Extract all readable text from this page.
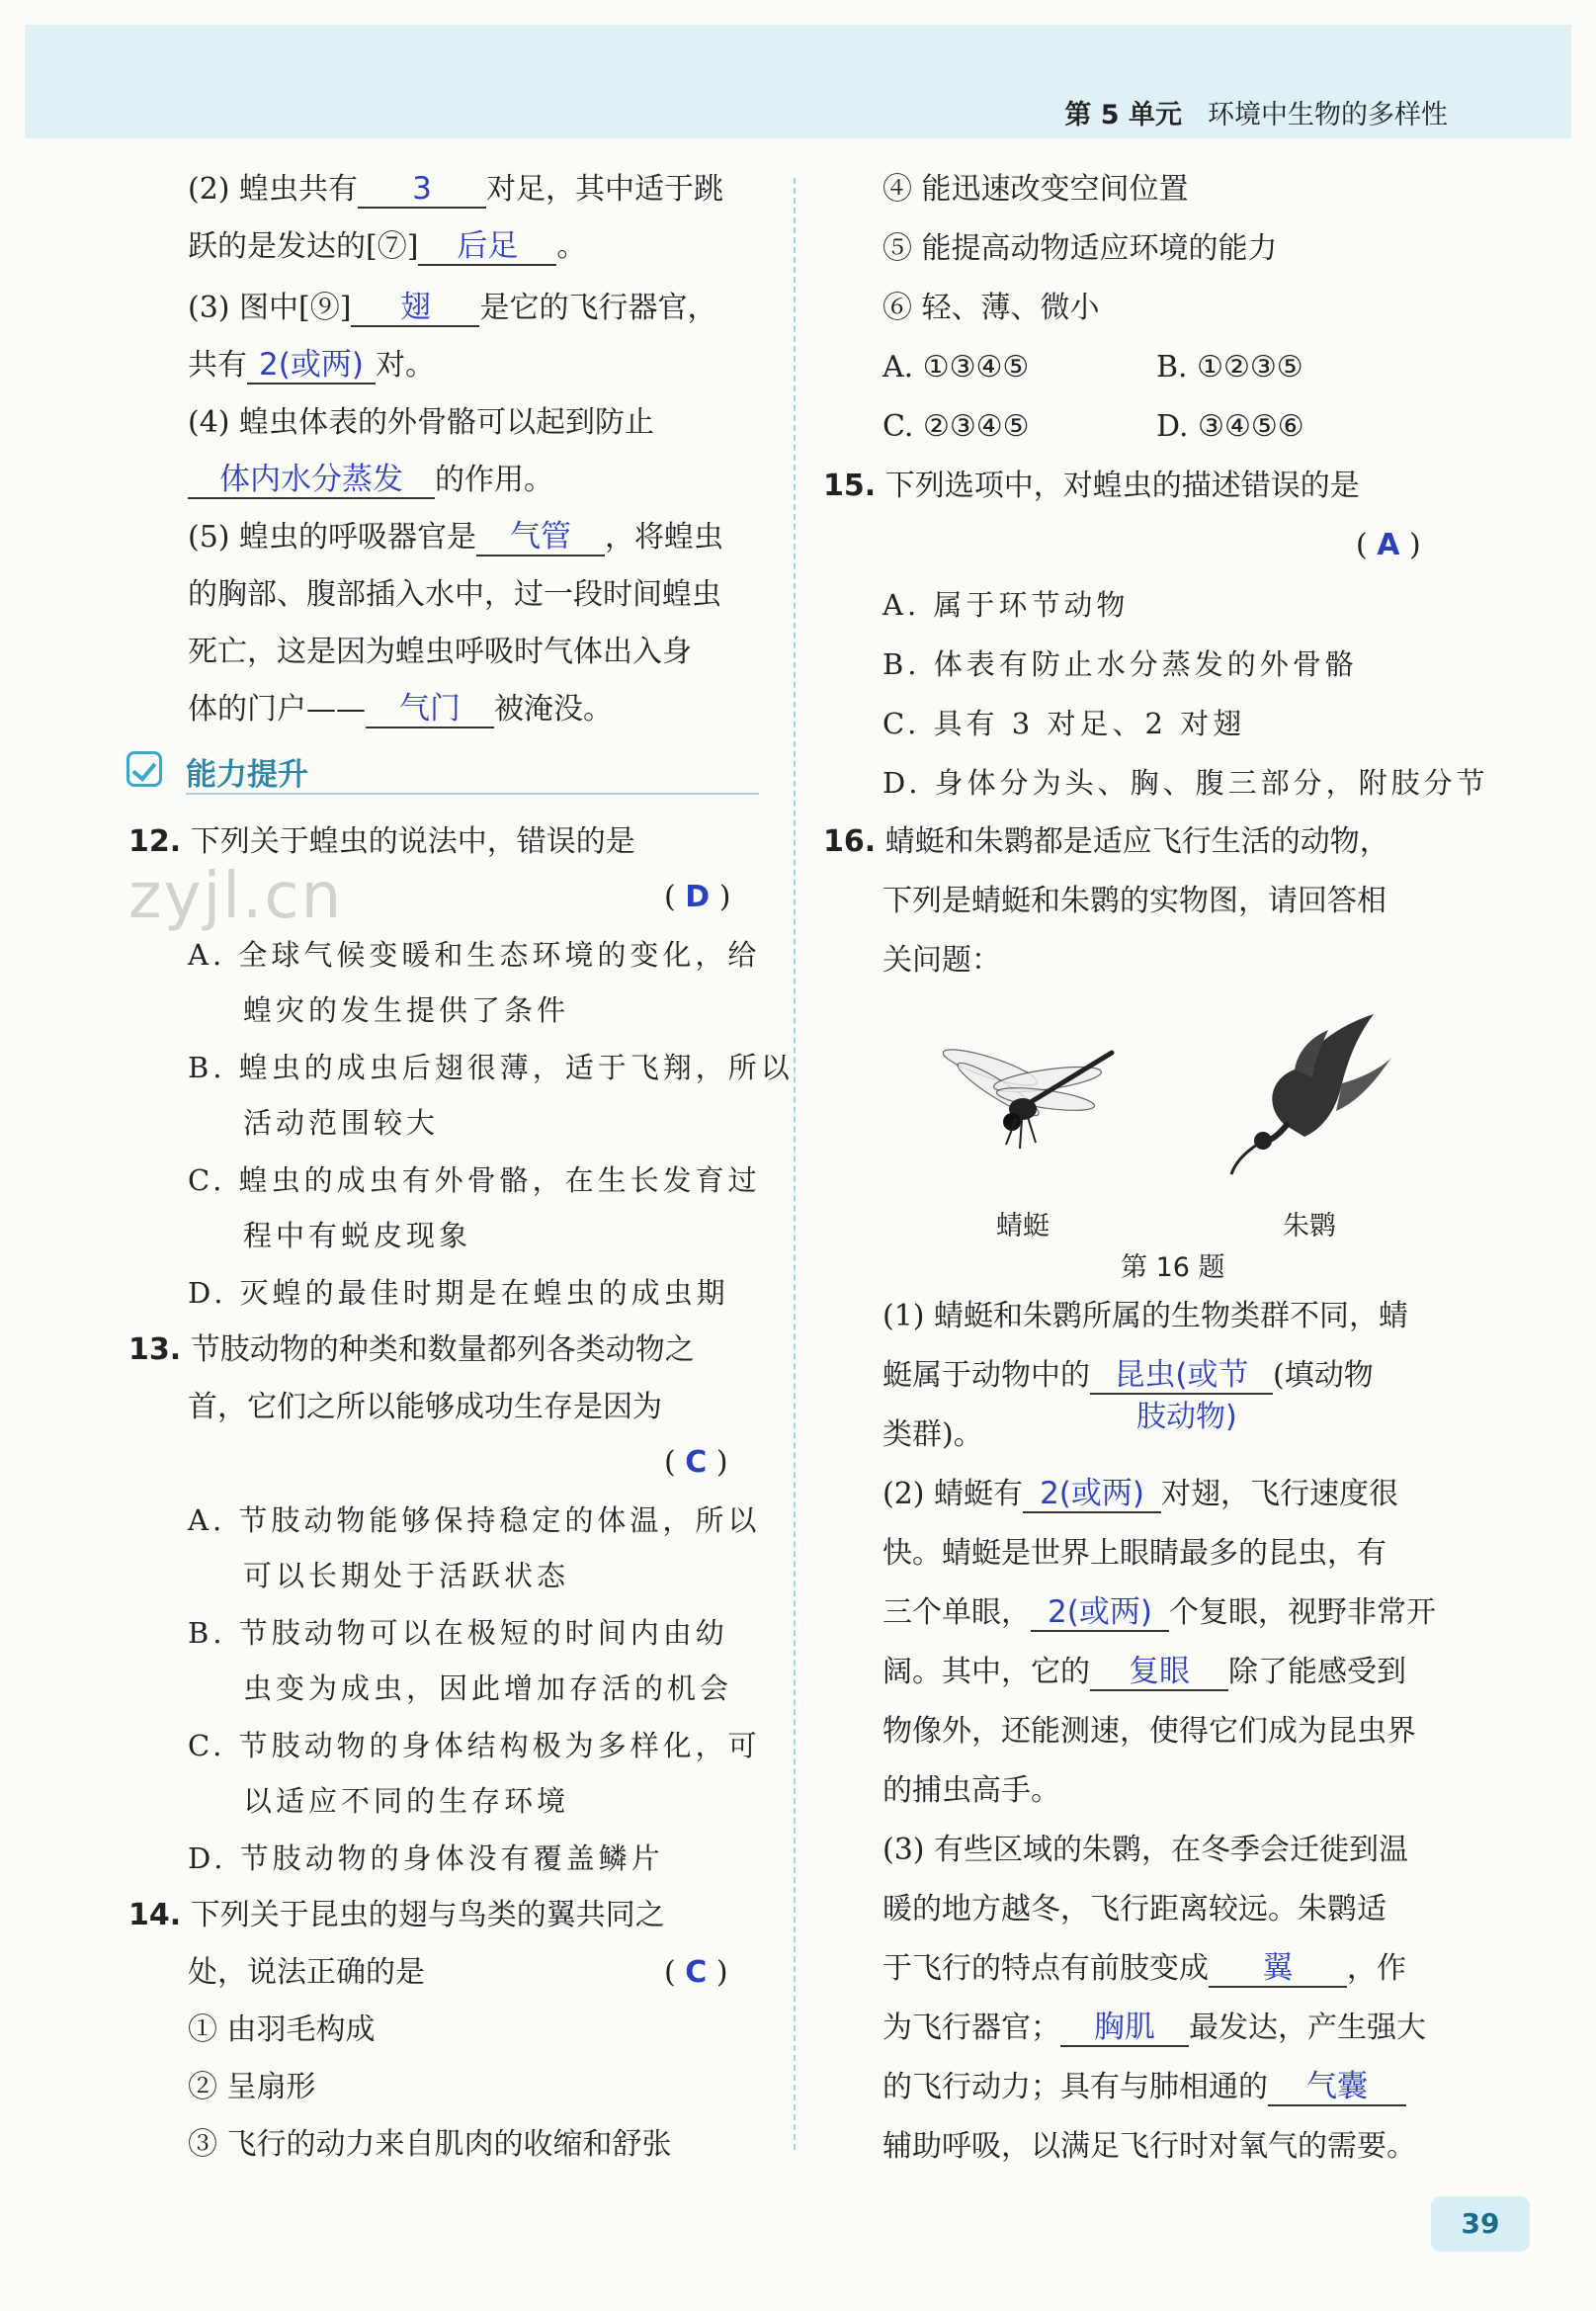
第 5 单元 环境中生物的多样性
(2) 蝗虫共有 3 对足，其中适于跳
跃的是发达的[⑦] 后足 。
(3) 图中[⑨] 翅 是它的飞行器官，
共有 2(或两) 对。
(4) 蝗虫体表的外骨骼可以起到防止
体内水分蒸发 的作用。
(5) 蝗虫的呼吸器官是 气管 ，将蝗虫
的胸部、腹部插入水中，过一段时间蝗虫
死亡，这是因为蝗虫呼吸时气体出入身
体的门户—— 气门 被淹没。
能力提升
zyjl.cn
12. 下列关于蝗虫的说法中，错误的是
( D )
A. 全球气候变暖和生态环境的变化，给
蝗灾的发生提供了条件
B. 蝗虫的成虫后翅很薄，适于飞翔，所以
活动范围较大
C. 蝗虫的成虫有外骨骼，在生长发育过
程中有蜕皮现象
D. 灭蝗的最佳时期是在蝗虫的成虫期
13. 节肢动物的种类和数量都列各类动物之
首，它们之所以能够成功生存是因为
( C )
A. 节肢动物能够保持稳定的体温，所以
可以长期处于活跃状态
B. 节肢动物可以在极短的时间内由幼
虫变为成虫，因此增加存活的机会
C. 节肢动物的身体结构极为多样化，可
以适应不同的生存环境
D. 节肢动物的身体没有覆盖鳞片
14. 下列关于昆虫的翅与鸟类的翼共同之
处，说法正确的是	( C )
① 由羽毛构成
② 呈扇形
③ 飞行的动力来自肌肉的收缩和舒张
④ 能迅速改变空间位置
⑤ 能提高动物适应环境的能力
⑥ 轻、薄、微小
A. ①③④⑤	B. ①②③⑤
C. ②③④⑤	D. ③④⑤⑥
15. 下列选项中，对蝗虫的描述错误的是
( A )
A. 属于环节动物
B. 体表有防止水分蒸发的外骨骼
C. 具有 3 对足、2 对翅
D. 身体分为头、胸、腹三部分，附肢分节
16. 蜻蜓和朱鹮都是适应飞行生活的动物，
下列是蜻蜓和朱鹮的实物图，请回答相
关问题：
蜻蜓	朱鹮
第 16 题
(1) 蜻蜓和朱鹮所属的生物类群不同，蜻
蜓属于动物中的 昆虫(或节 (填动物
肢动物)
类群)。
(2) 蜻蜓有 2(或两) 对翅，飞行速度很
快。蜻蜓是世界上眼睛最多的昆虫，有
三个单眼， 2(或两) 个复眼，视野非常开
阔。其中，它的 复眼 除了能感受到
物像外，还能测速，使得它们成为昆虫界
的捕虫高手。
(3) 有些区域的朱鹮，在冬季会迁徙到温
暖的地方越冬，飞行距离较远。朱鹮适
于飞行的特点有前肢变成 翼 ，作
为飞行器官； 胸肌 最发达，产生强大
的飞行动力；具有与肺相通的 气囊
辅助呼吸，以满足飞行时对氧气的需要。
39
